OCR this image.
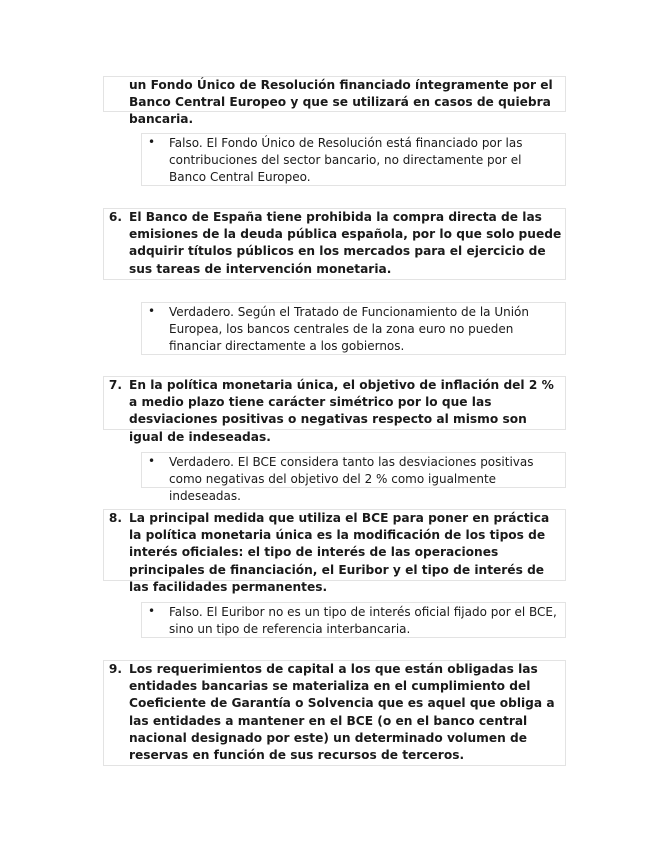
un Fondo Único de Resolución financiado íntegramente por el Banco Central Europeo y que se utilizará en casos de quiebra bancaria.
• Falso. El Fondo Único de Resolución está financiado por las contribuciones del sector bancario, no directamente por el Banco Central Europeo.
6. El Banco de España tiene prohibida la compra directa de las emisiones de la deuda pública española, por lo que solo puede adquirir títulos públicos en los mercados para el ejercicio de sus tareas de intervención monetaria.
• Verdadero. Según el Tratado de Funcionamiento de la Unión Europea, los bancos centrales de la zona euro no pueden financiar directamente a los gobiernos.
7. En la política monetaria única, el objetivo de inflación del 2 % a medio plazo tiene carácter simétrico por lo que las desviaciones positivas o negativas respecto al mismo son igual de indeseadas.
• Verdadero. El BCE considera tanto las desviaciones positivas como negativas del objetivo del 2 % como igualmente indeseadas.
8. La principal medida que utiliza el BCE para poner en práctica la política monetaria única es la modificación de los tipos de interés oficiales: el tipo de interés de las operaciones principales de financiación, el Euribor y el tipo de interés de las facilidades permanentes.
• Falso. El Euribor no es un tipo de interés oficial fijado por el BCE, sino un tipo de referencia interbancaria.
9. Los requerimientos de capital a los que están obligadas las entidades bancarias se materializa en el cumplimiento del Coeficiente de Garantía o Solvencia que es aquel que obliga a las entidades a mantener en el BCE (o en el banco central nacional designado por este) un determinado volumen de reservas en función de sus recursos de terceros.
